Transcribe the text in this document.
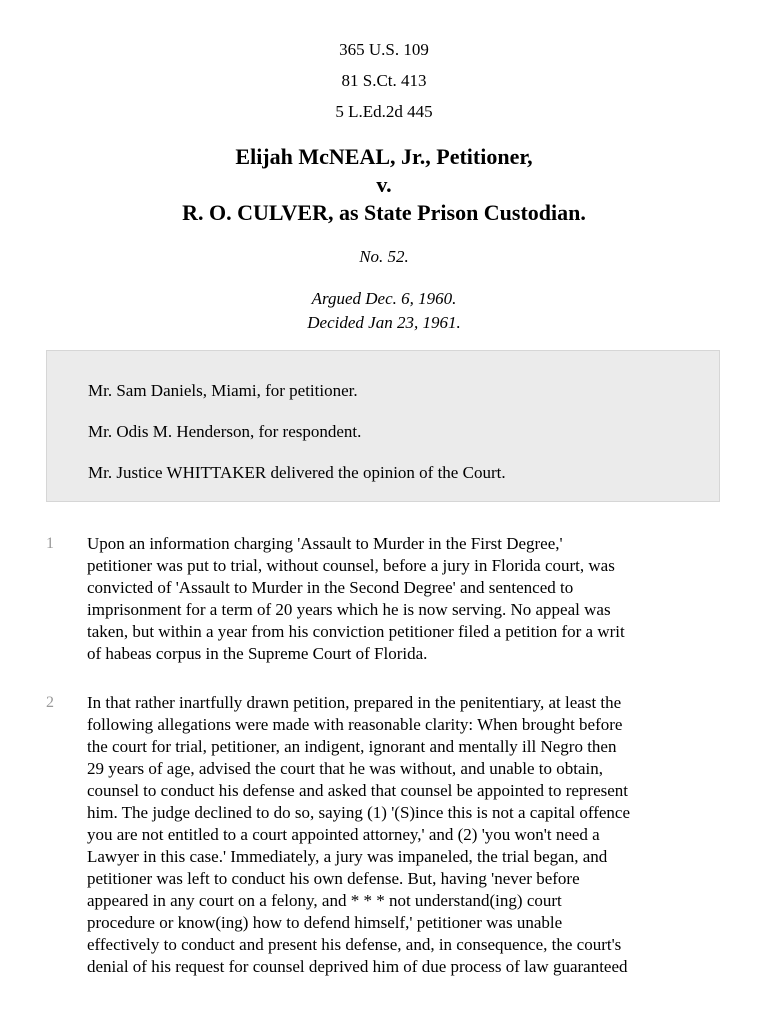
365 U.S. 109
81 S.Ct. 413
5 L.Ed.2d 445
Elijah McNEAL, Jr., Petitioner,
v.
R. O. CULVER, as State Prison Custodian.
No. 52.
Argued Dec. 6, 1960.
Decided Jan 23, 1961.

Mr. Sam Daniels, Miami, for petitioner.

Mr. Odis M. Henderson, for respondent.

Mr. Justice WHITTAKER delivered the opinion of the Court.

1 Upon an information charging 'Assault to Murder in the First Degree,'
petitioner was put to trial, without counsel, before a jury in Florida court, was
convicted of 'Assault to Murder in the Second Degree' and sentenced to
imprisonment for a term of 20 years which he is now serving. No appeal was
taken, but within a year from his conviction petitioner filed a petition for a writ
of habeas corpus in the Supreme Court of Florida.
2 In that rather inartfully drawn petition, prepared in the penitentiary, at least the
following allegations were made with reasonable clarity: When brought before
the court for trial, petitioner, an indigent, ignorant and mentally ill Negro then
29 years of age, advised the court that he was without, and unable to obtain,
counsel to conduct his defense and asked that counsel be appointed to represent
him. The judge declined to do so, saying (1) '(S)ince this is not a capital offence
you are not entitled to a court appointed attorney,' and (2) 'you won't need a
Lawyer in this case.' Immediately, a jury was impaneled, the trial began, and
petitioner was left to conduct his own defense. But, having 'never before
appeared in any court on a felony, and * * * not understand(ing) court
procedure or know(ing) how to defend himself,' petitioner was unable
effectively to conduct and present his defense, and, in consequence, the court's
denial of his request for counsel deprived him of due process of law guaranteed
